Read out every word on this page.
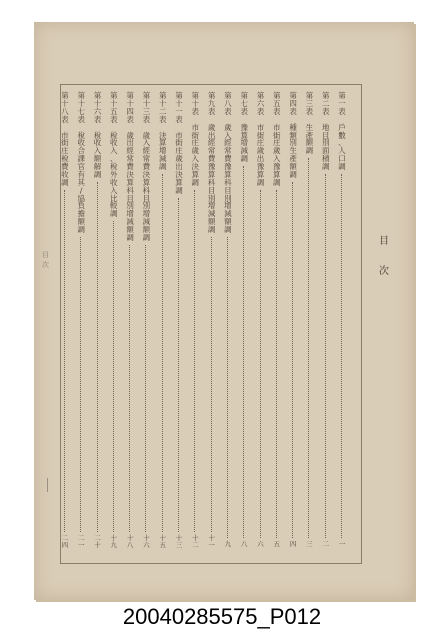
目
次
目
次
第
一
表
戶
數
、
人
口
調
一
第
二
表
地
目
別
面
積
調
二
第
三
表
生
產
額
調
三
第
四
表
種
類
別
生
產
額
調
四
第
五
表
市
街
庄
歲
入
豫
算
調
五
第
六
表
市
街
庄
歲
出
豫
算
調
六
第
七
表
豫
算
增
減
調
八
第
八
表
歲
入
經
常
費
豫
算
科
目
別
增
減
額
調
九
第
九
表
歲
出
經
常
費
豫
算
科
目
別
增
減
額
調
十
一
第
十
表
市
街
庄
歲
入
決
算
調
十
二
第
十
一
表
市
街
庄
歲
出
決
算
調
十
三
第
十
二
表
決
算
增
減
調
十
五
第
十
三
表
歲
入
經
常
費
決
算
科
目
別
增
減
額
調
十
六
第
十
四
表
歲
出
經
常
費
決
算
科
目
別
增
減
額
調
十
八
第
十
五
表
稅
收
入
、
稅
外
收
入
比
較
調
十
九
第
十
六
表
稅
收
入
額
解
調
二
十
第
十
七
表
稅
收
合
課
官
有
其
/
協
負
擔
額
調
二
一
第
十
八
表
市
街
庄
稅
費
收
調
二
四
20040285575_P012
